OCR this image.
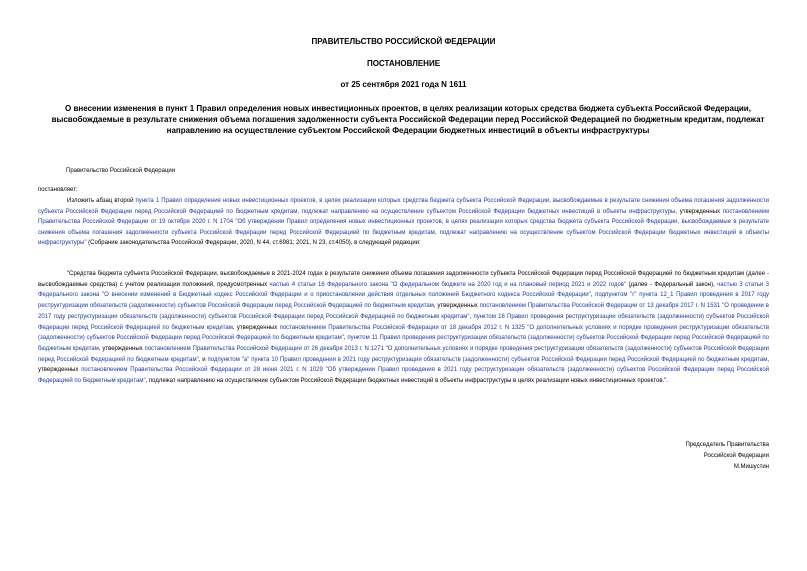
ПРАВИТЕЛЬСТВО РОССИЙСКОЙ ФЕДЕРАЦИИ
ПОСТАНОВЛЕНИЕ
от 25 сентября 2021 года N 1611
О внесении изменения в пункт 1 Правил определения новых инвестиционных проектов, в целях реализации которых средства бюджета субъекта Российской Федерации, высвобождаемые в результате снижения объема погашения задолженности субъекта Российской Федерации перед Российской Федерацией по бюджетным кредитам, подлежат направлению на осуществление субъектом Российской Федерации бюджетных инвестиций в объекты инфраструктуры
Правительство Российской Федерации
постановляет:
Изложить абзац второй пункта 1 Правил определения новых инвестиционных проектов, в целях реализации которых средства бюджета субъекта Российской Федерации, высвобождаемые в результате снижения объема погашения задолженности субъекта Российской Федерации перед Российской Федерацией по бюджетным кредитам, подлежат направлению на осуществление субъектом Российской Федерации бюджетных инвестиций в объекты инфраструктуры, утвержденных постановлением Правительства Российской Федерации от 19 октября 2020 г. N 1704 "Об утверждении Правил определения новых инвестиционных проектов, в целях реализации которых средства бюджета субъекта Российской Федерации, высвобождаемые в результате снижения объема погашения задолженности субъекта Российской Федерации перед Российской Федерацией по бюджетным кредитам, подлежат направлению на осуществление субъектом Российской Федерации бюджетных инвестиций в объекты инфраструктуры" (Собрание законодательства Российской Федерации, 2020, N 44, ст.6981; 2021, N 23, ст.4050), в следующей редакции:
"Средства бюджета субъекта Российской Федерации, высвобождаемые в 2021-2024 годах в результате снижения объема погашения задолженности субъекта Российской Федерации перед Российской Федерацией по бюджетным кредитам (далее - высвобождаемые средства) с учетом реализации положений, предусмотренных частью 4 статьи 16 Федерального закона "О федеральном бюджете на 2020 год и на плановый период 2021 и 2022 годов" (далее - Федеральный закон), частью 3 статьи 3 Федерального закона "О внесении изменений в Бюджетный кодекс Российской Федерации и о приостановлении действия отдельных положений Бюджетного кодекса Российской Федерации", подпунктом "г" пункта 12_1 Правил проведения в 2017 году реструктуризации обязательств (задолженности) субъектов Российской Федерации перед Российской Федерацией по бюджетным кредитам, утвержденных постановлением Правительства Российской Федерации от 13 декабря 2017 г. N 1531 "О проведении в 2017 году реструктуризации обязательств (задолженности) субъектов Российской Федерации перед Российской Федерацией по бюджетным кредитам", пунктом 16 Правил проведения реструктуризации обязательств (задолженности) субъектов Российской Федерации перед Российской Федерацией по бюджетным кредитам, утвержденных постановлением Правительства Российской Федерации от 18 декабря 2012 г. N 1325 "О дополнительных условиях и порядке проведения реструктуризации обязательств (задолженности) субъектов Российской Федерации перед Российской Федерацией по бюджетным кредитам", пунктом 11 Правил проведения реструктуризации обязательств (задолженности) субъектов Российской Федерации перед Российской Федерацией по бюджетным кредитам, утвержденных постановлением Правительства Российской Федерации от 26 декабря 2013 г. N 1271 "О дополнительных условиях и порядке проведения реструктуризации обязательств (задолженности) субъектов Российской Федерации перед Российской Федерацией по бюджетным кредитам", и подпунктом "а" пункта 10 Правил проведения в 2021 году реструктуризации обязательств (задолженности) субъектов Российской Федерации перед Российской Федерацией по бюджетным кредитам, утвержденных постановлением Правительства Российской Федерации от 28 июня 2021 г. N 1029 "Об утверждении Правил проведения в 2021 году реструктуризации обязательств (задолженности) субъектов Российской Федерации перед Российской Федерацией по бюджетным кредитам", подлежат направлению на осуществление субъектом Российской Федерации бюджетных инвестиций в объекты инфраструктуры в целях реализации новых инвестиционных проектов.".
Председатель Правительства
Российской Федерации
М.Мишустин
